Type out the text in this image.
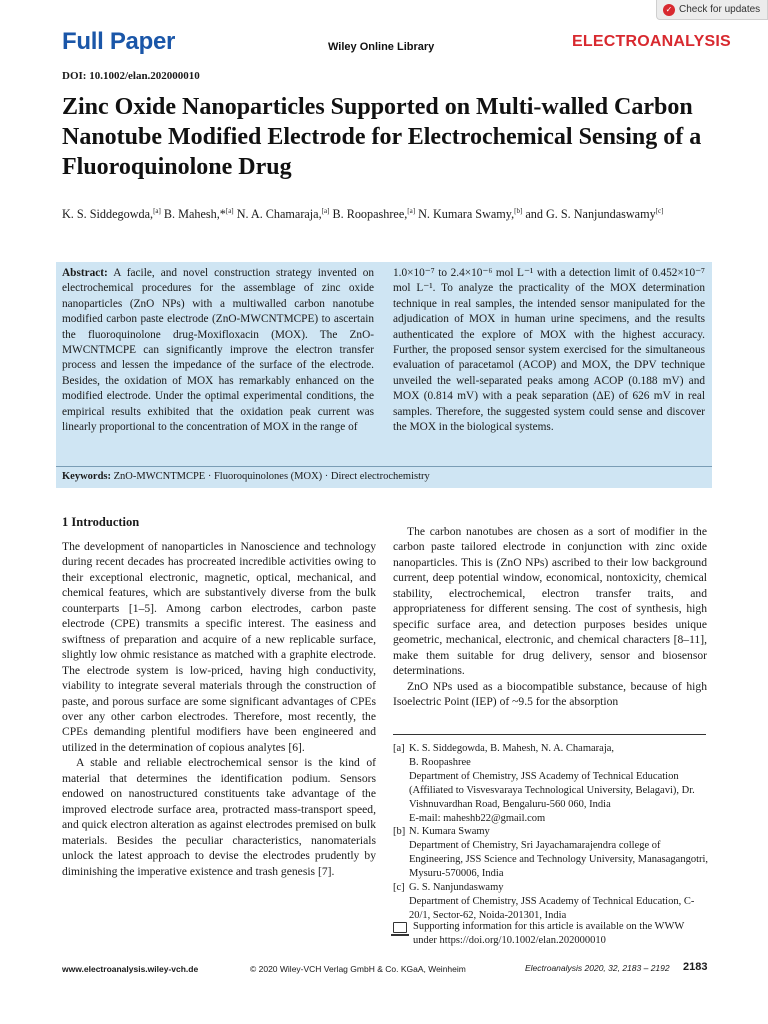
✓ Check for updates
Full Paper	Wiley Online Library	ELECTROANALYSIS
DOI: 10.1002/elan.202000010
Zinc Oxide Nanoparticles Supported on Multi-walled Carbon Nanotube Modified Electrode for Electrochemical Sensing of a Fluoroquinolone Drug
K. S. Siddegowda,[a] B. Mahesh,*[a] N. A. Chamaraja,[a] B. Roopashree,[a] N. Kumara Swamy,[b] and G. S. Nanjundaswamy[c]
Abstract: A facile, and novel construction strategy invented on electrochemical procedures for the assemblage of zinc oxide nanoparticles (ZnO NPs) with a multiwalled carbon nanotube modified carbon paste electrode (ZnO-MWCNTMCPE) to ascertain the fluoroquinolone drug-Moxifloxacin (MOX). The ZnO-MWCNTMCPE can significantly improve the electron transfer process and lessen the impedance of the surface of the electrode. Besides, the oxidation of MOX has remarkably enhanced on the modified electrode. Under the optimal experimental conditions, the empirical results exhibited that the oxidation peak current was linearly proportional to the concentration of MOX in the range of
1.0×10⁻⁷ to 2.4×10⁻⁶ mol L⁻¹ with a detection limit of 0.452×10⁻⁷ mol L⁻¹. To analyze the practicality of the MOX determination technique in real samples, the intended sensor manipulated for the adjudication of MOX in human urine specimens, and the results authenticated the explore of MOX with the highest accuracy. Further, the proposed sensor system exercised for the simultaneous evaluation of paracetamol (ACOP) and MOX, the DPV technique unveiled the well-separated peaks among ACOP (0.188 mV) and MOX (0.814 mV) with a peak separation (ΔE) of 626 mV in real samples. Therefore, the suggested system could sense and discover the MOX in the biological systems.
Keywords: ZnO-MWCNTMCPE · Fluoroquinolones (MOX) · Direct electrochemistry
1 Introduction
The development of nanoparticles in Nanoscience and technology during recent decades has procreated incredible activities owing to their exceptional electronic, magnetic, optical, mechanical, and chemical features, which are substantively diverse from the bulk counterparts [1–5]. Among carbon electrodes, carbon paste electrode (CPE) transmits a specific interest. The easiness and swiftness of preparation and acquire of a new replicable surface, slightly low ohmic resistance as matched with a graphite electrode. The electrode system is low-priced, having high conductivity, viability to integrate several materials through the construction of paste, and porous surface are some significant advantages of CPEs over any other carbon electrodes. Therefore, most recently, the CPEs demanding plentiful modifiers have been engineered and utilized in the determination of copious analytes [6].
A stable and reliable electrochemical sensor is the kind of material that determines the identification podium. Sensors endowed on nanostructured constituents take advantage of the improved electrode surface area, protracted mass-transport speed, and quick electron alteration as against electrodes premised on bulk materials. Besides the peculiar characteristics, nanomaterials unlock the latest approach to devise the electrodes prudently by diminishing the imperative existence and trash genesis [7].
The carbon nanotubes are chosen as a sort of modifier in the carbon paste tailored electrode in conjunction with zinc oxide nanoparticles. This is (ZnO NPs) ascribed to their low background current, deep potential window, economical, nontoxicity, chemical stability, electrochemical, electron transfer traits, and appropriateness for different sensing. The cost of synthesis, high specific surface area, and detection purposes besides unique geometric, mechanical, electronic, and chemical characters [8–11], make them suitable for drug delivery, sensor and biosensor determinations.
ZnO NPs used as a biocompatible substance, because of high Isoelectric Point (IEP) of ~9.5 for the absorption
[a] K. S. Siddegowda, B. Mahesh, N. A. Chamaraja,
B. Roopashree
Department of Chemistry, JSS Academy of Technical Education (Affiliated to Visvesvaraya Technological University, Belagavi), Dr. Vishnuvardhan Road, Bengaluru-560 060, India
E-mail: maheshb22@gmail.com
[b] N. Kumara Swamy
Department of Chemistry, Sri Jayachamarajendra college of Engineering, JSS Science and Technology University, Manasagangotri, Mysuru-570006, India
[c] G. S. Nanjundaswamy
Department of Chemistry, JSS Academy of Technical Education, C-20/1, Sector-62, Noida-201301, India
Supporting information for this article is available on the WWW under https://doi.org/10.1002/elan.202000010
www.electroanalysis.wiley-vch.de	© 2020 Wiley-VCH Verlag GmbH & Co. KGaA, Weinheim	Electroanalysis 2020, 32, 2183 – 2192 2183
